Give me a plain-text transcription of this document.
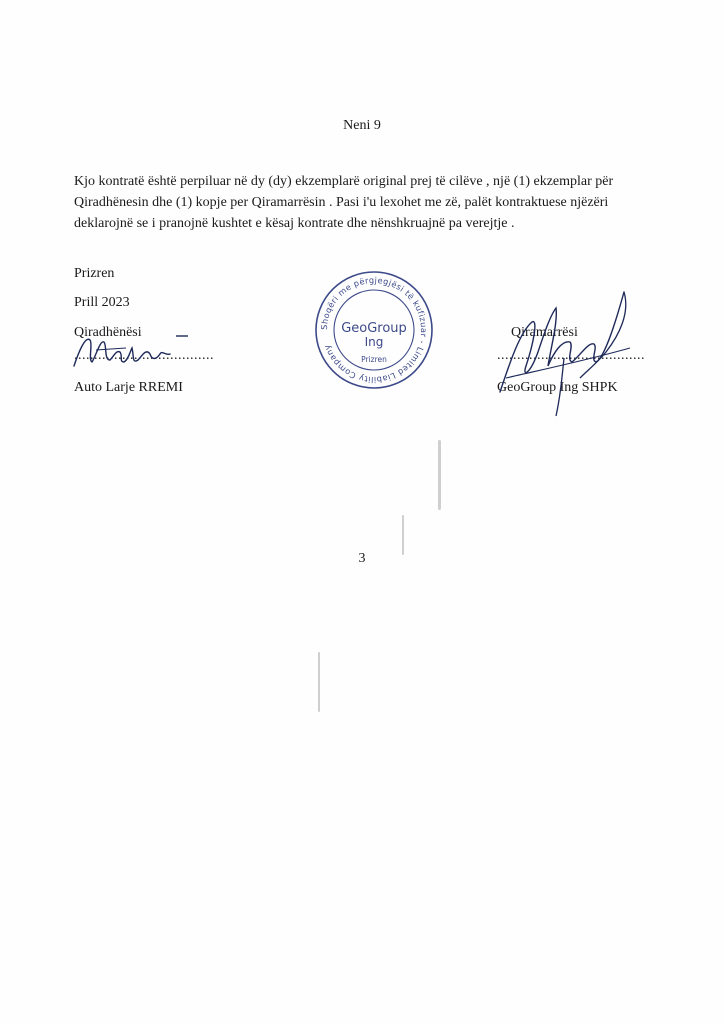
Neni 9
Kjo kontratë është perpiluar në dy (dy) ekzemplarë original prej të cilëve , një (1) ekzemplar për
Qiradhënesin dhe (1) kopje per Qiramarrësin . Pasi i'u lexohet me zë, palët kontraktuese njëzëri
deklarojnë se i pranojnë kushtet e kësaj kontrate dhe nënshkruajnë pa verejtje .
Prizren
Prill 2023
Qiradhënësi
...................................
Auto Larje RREMI
Shoqëri me përgjegjësi të kufizuar - Limited Liability Company
GeoGroup
Ing
Prizren
Qiramarrësi
.....................................
GeoGroup Ing SHPK
3
